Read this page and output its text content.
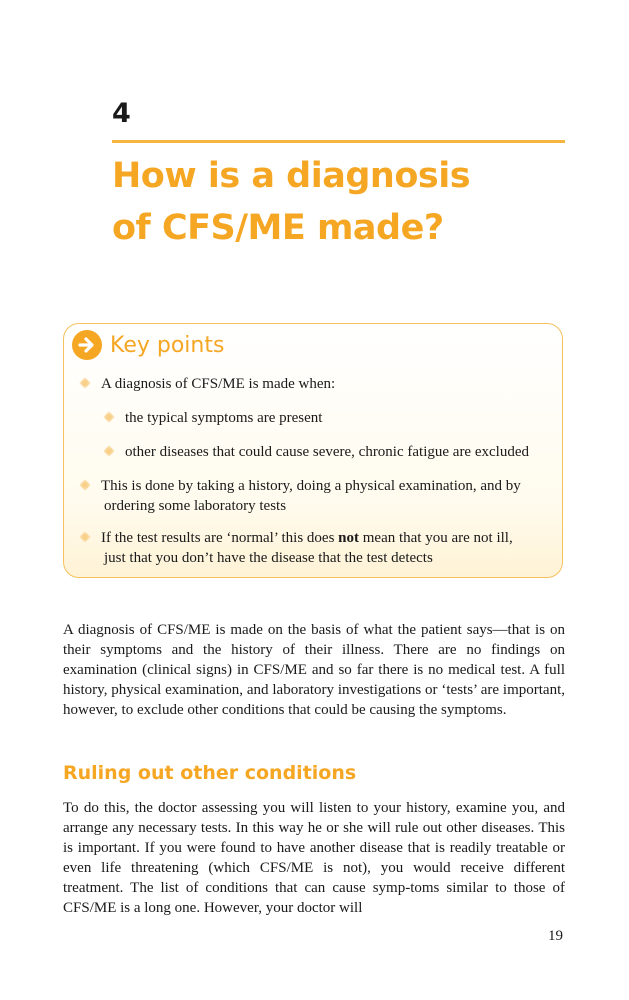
4
How is a diagnosis
of CFS/ME made?
Key points
A diagnosis of CFS/ME is made when:
the typical symptoms are present
other diseases that could cause severe, chronic fatigue are excluded
This is done by taking a history, doing a physical examination, and by
ordering some laboratory tests
If the test results are ‘normal’ this does not mean that you are not ill,
just that you don’t have the disease that the test detects

A diagnosis of CFS/ME is made on the basis of what the patient says—that is on their symptoms and the history of their illness. There are no findings on examination (clinical signs) in CFS/ME and so far there is no medical test. A full history, physical examination, and laboratory investigations or ‘tests’ are important, however, to exclude other conditions that could be causing the symptoms.

Ruling out other conditions

To do this, the doctor assessing you will listen to your history, examine you, and arrange any necessary tests. In this way he or she will rule out other diseases. This is important. If you were found to have another disease that is readily treatable or even life threatening (which CFS/ME is not), you would receive different treatment. The list of conditions that can cause symp-toms similar to those of CFS/ME is a long one. However, your doctor will

19
